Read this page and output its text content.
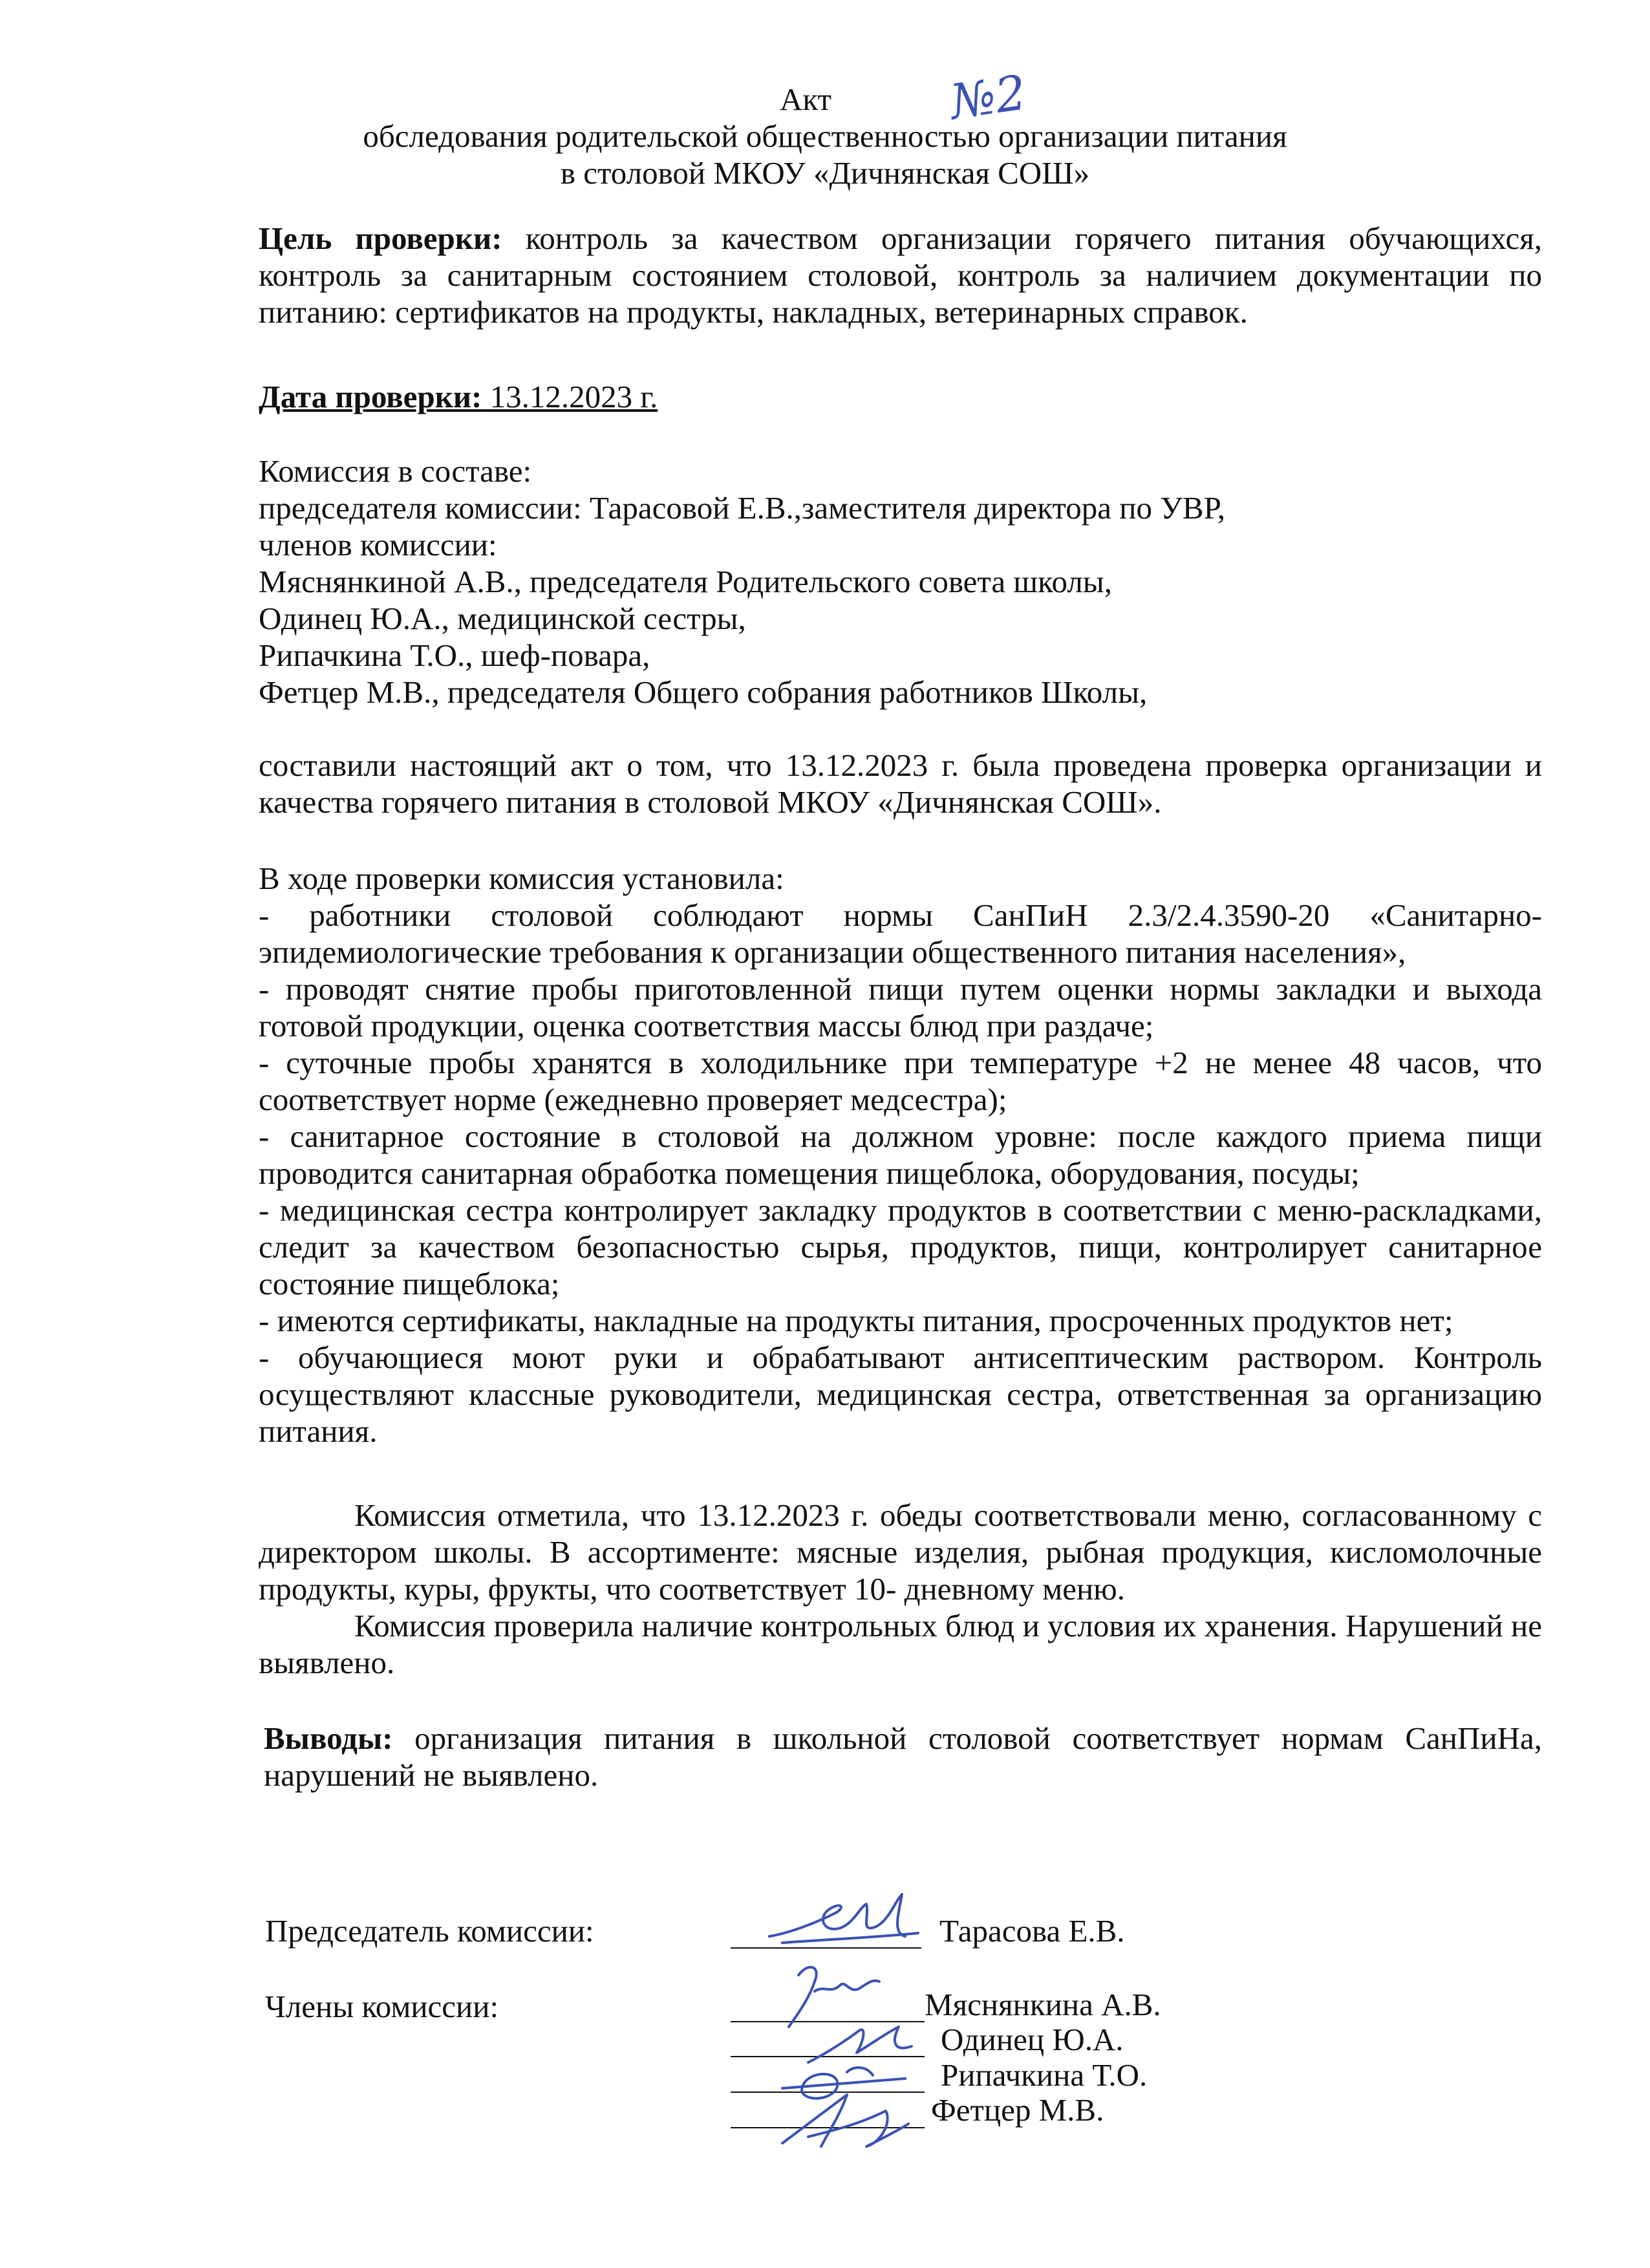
Акт
обследования родительской общественностью организации питания
в столовой МКОУ «Дичнянская СОШ»
№2
Цель проверки: контроль за качеством организации горячего питания обучающихся, контроль за санитарным состоянием столовой, контроль за наличием документации по питанию: сертификатов на продукты, накладных, ветеринарных справок.
Дата проверки: 13.12.2023 г.
Комиссия в составе:
председателя комиссии: Тарасовой Е.В.,заместителя директора по УВР,
членов комиссии:
Мяснянкиной А.В., председателя Родительского совета школы,
Одинец Ю.А., медицинской сестры,
Рипачкина Т.О., шеф-повара,
Фетцер М.В., председателя Общего собрания работников Школы,
составили настоящий акт о том, что 13.12.2023 г. была проведена проверка организации и качества горячего питания в столовой МКОУ «Дичнянская СОШ».
В ходе проверки комиссия установила:
- работники столовой соблюдают нормы СанПиН 2.3/2.4.3590-20 «Санитарно-эпидемиологические требования к организации общественного питания населения»,
- проводят снятие пробы приготовленной пищи путем оценки нормы закладки и выхода готовой продукции, оценка соответствия массы блюд при раздаче;
- суточные пробы хранятся в холодильнике при температуре +2 не менее 48 часов, что соответствует норме (ежедневно проверяет медсестра);
- санитарное состояние в столовой на должном уровне: после каждого приема пищи проводится санитарная обработка помещения пищеблока, оборудования, посуды;
- медицинская сестра контролирует закладку продуктов в соответствии с меню-раскладками, следит за качеством безопасностью сырья, продуктов, пищи, контролирует санитарное состояние пищеблока;
- имеются сертификаты, накладные на продукты питания, просроченных продуктов нет;
- обучающиеся моют руки и обрабатывают антисептическим раствором. Контроль осуществляют классные руководители, медицинская сестра, ответственная за организацию питания.
Комиссия отметила, что 13.12.2023 г. обеды соответствовали меню, согласованному с директором школы. В ассортименте: мясные изделия, рыбная продукция, кисломолочные продукты, куры, фрукты, что соответствует 10- дневному меню.
Комиссия проверила наличие контрольных блюд и условия их хранения. Нарушений не выявлено.
Выводы: организация питания в школьной столовой соответствует нормам СанПиНа, нарушений не выявлено.
Председатель комиссии:	Тарасова Е.В.
Члены комиссии:	Мяснянкина А.В.
Одинец Ю.А.
Рипачкина Т.О.
Фетцер М.В.
